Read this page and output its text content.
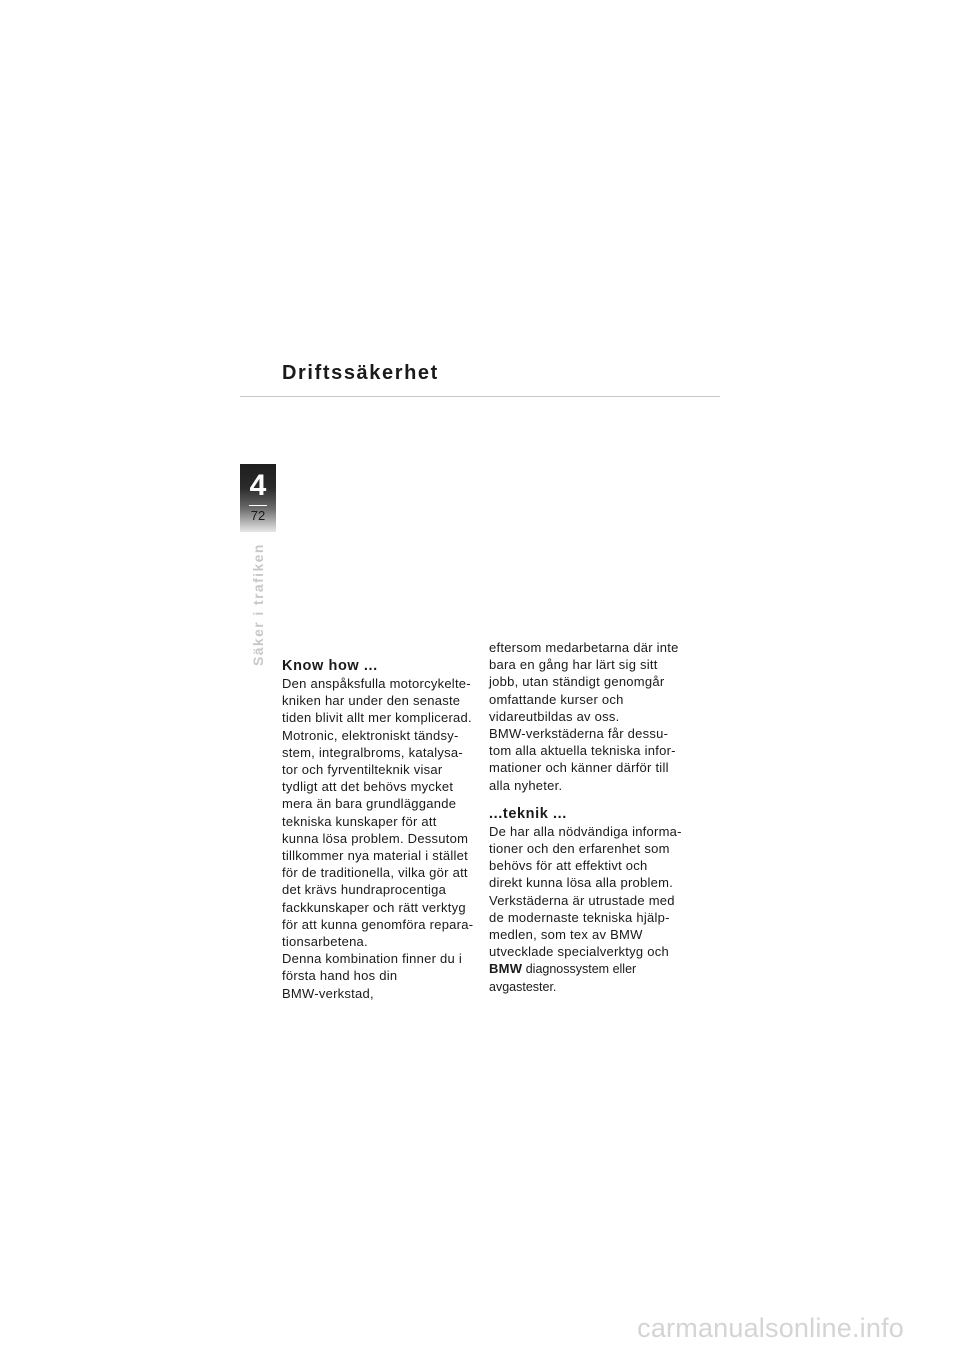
Driftssäkerhet
4
72
Säker i trafiken Know how ...

Den anspåksfulla motorcykelte-
kniken har under den senaste
tiden blivit allt mer komplicerad.
Motronic, elektroniskt tändsy-
stem, integralbroms, katalysa-
tor och fyrventilteknik visar
tydligt att det behövs mycket
mera än bara grundläggande
tekniska kunskaper för att
kunna lösa problem. Dessutom
tillkommer nya material i stället
för de traditionella, vilka gör att
det krävs hundraprocentiga
fackkunskaper och rätt verktyg
för att kunna genomföra repara-
tionsarbetena.
Denna kombination finner du i
första hand hos din
BMW-verkstad,

eftersom medarbetarna där inte
bara en gång har lärt sig sitt
jobb, utan ständigt genomgår
omfattande kurser och
vidareutbildas av oss.
BMW-verkstäderna får dessu-
tom alla aktuella tekniska infor-
mationer och känner därför till
alla nyheter.

...teknik ...

De har alla nödvändiga informa-
tioner och den erfarenhet som
behövs för att effektivt och
direkt kunna lösa alla problem.
Verkstäderna är utrustade med
de modernaste tekniska hjälp-
medlen, som tex av BMW
utvecklade specialverktyg och
BMW diagnossystem eller
avgastester.

carmanualsonline.info
